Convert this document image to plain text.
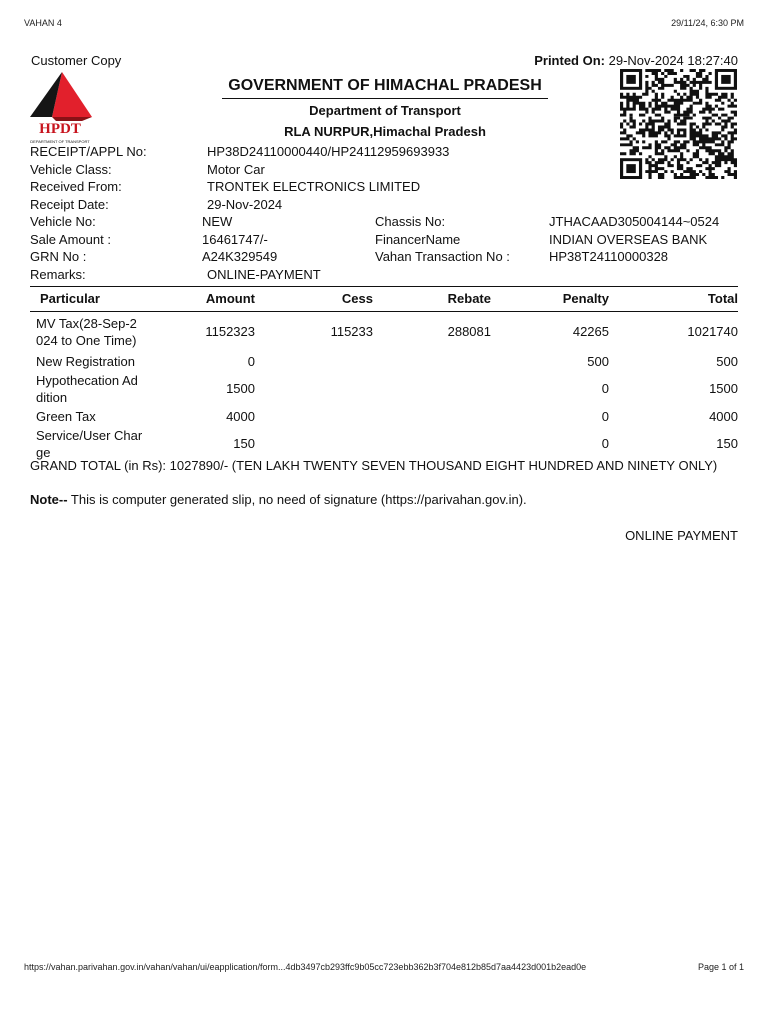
VAHAN 4	29/11/24, 6:30 PM
Customer Copy	Printed On: 29-Nov-2024 18:27:40
HPDT
DEPARTMENT OF TRANSPORT
GOVERNMENT OF HIMACHAL PRADESH
Department of Transport
RLA NURPUR,Himachal Pradesh
RECEIPT/APPL No:	HP38D24110000440/HP24112959693933
Vehicle Class:	Motor Car
Received From:	TRONTEK ELECTRONICS LIMITED
Receipt Date:	29-Nov-2024
Vehicle No:	NEW	Chassis No:	JTHACAAD305004144~0524
Sale Amount :	16461747/-	FinancerName	INDIAN OVERSEAS BANK
GRN No :	A24K329549	Vahan Transaction No :	HP38T24110000328
Remarks:	ONLINE-PAYMENT
Particular	Amount	Cess	Rebate	Penalty	Total

MV Tax(28-Sep-2
024 to One Time)	1152323	115233	288081	42265	1021740

New Registration	0			500	500

Hypothecation Ad
dition	1500			0	1500

Green Tax	4000			0	4000

Service/User Char
ge	150			0	150
GRAND TOTAL (in Rs): 1027890/- (TEN LAKH TWENTY SEVEN THOUSAND EIGHT HUNDRED AND NINETY ONLY)
Note-- This is computer generated slip, no need of signature (https://parivahan.gov.in).
ONLINE PAYMENT
https://vahan.parivahan.gov.in/vahan/vahan/ui/eapplication/form...4db3497cb293ffc9b05cc723ebb362b3f704e812b85d7aa4423d001b2ead0e	Page 1 of 1
